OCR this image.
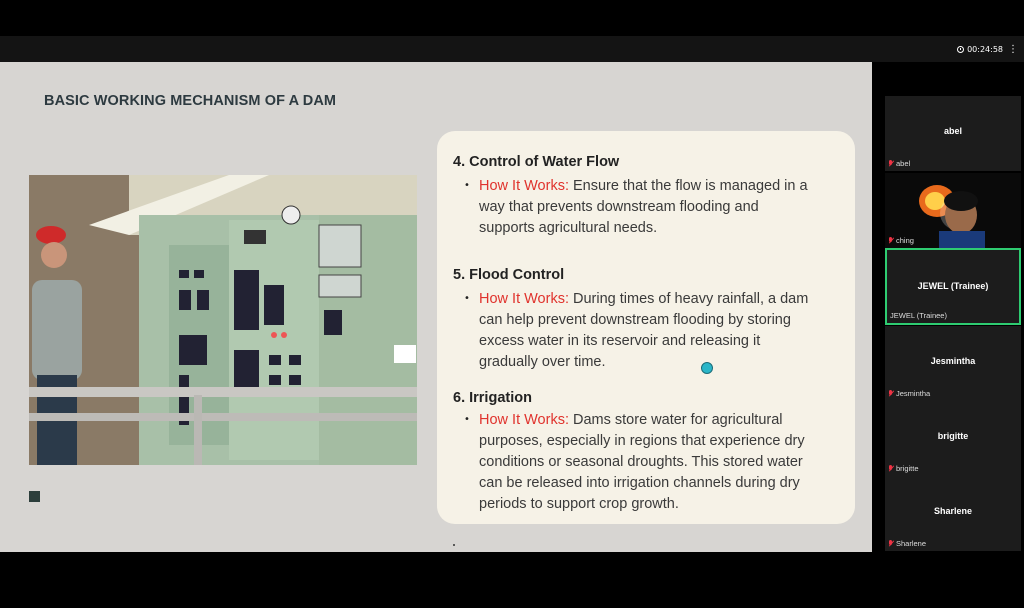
00:24:58 ⋮
BASIC WORKING MECHANISM OF A DAM
4. Control of Water Flow
• How It Works: Ensure that the flow is managed in a
way that prevents downstream flooding and
supports agricultural needs.
5. Flood Control
• How It Works: During times of heavy rainfall, a dam
can help prevent downstream flooding by storing
excess water in its reservoir and releasing it
gradually over time.
6. Irrigation
• How It Works: Dams store water for agricultural
purposes, especially in regions that experience dry
conditions or seasonal droughts. This stored water
can be released into irrigation channels during dry
periods to support crop growth.
abel
abel
ching
JEWEL (Trainee)
JEWEL (Trainee)
Jesmintha
Jesmintha
brigitte
brigitte
Sharlene
Sharlene
